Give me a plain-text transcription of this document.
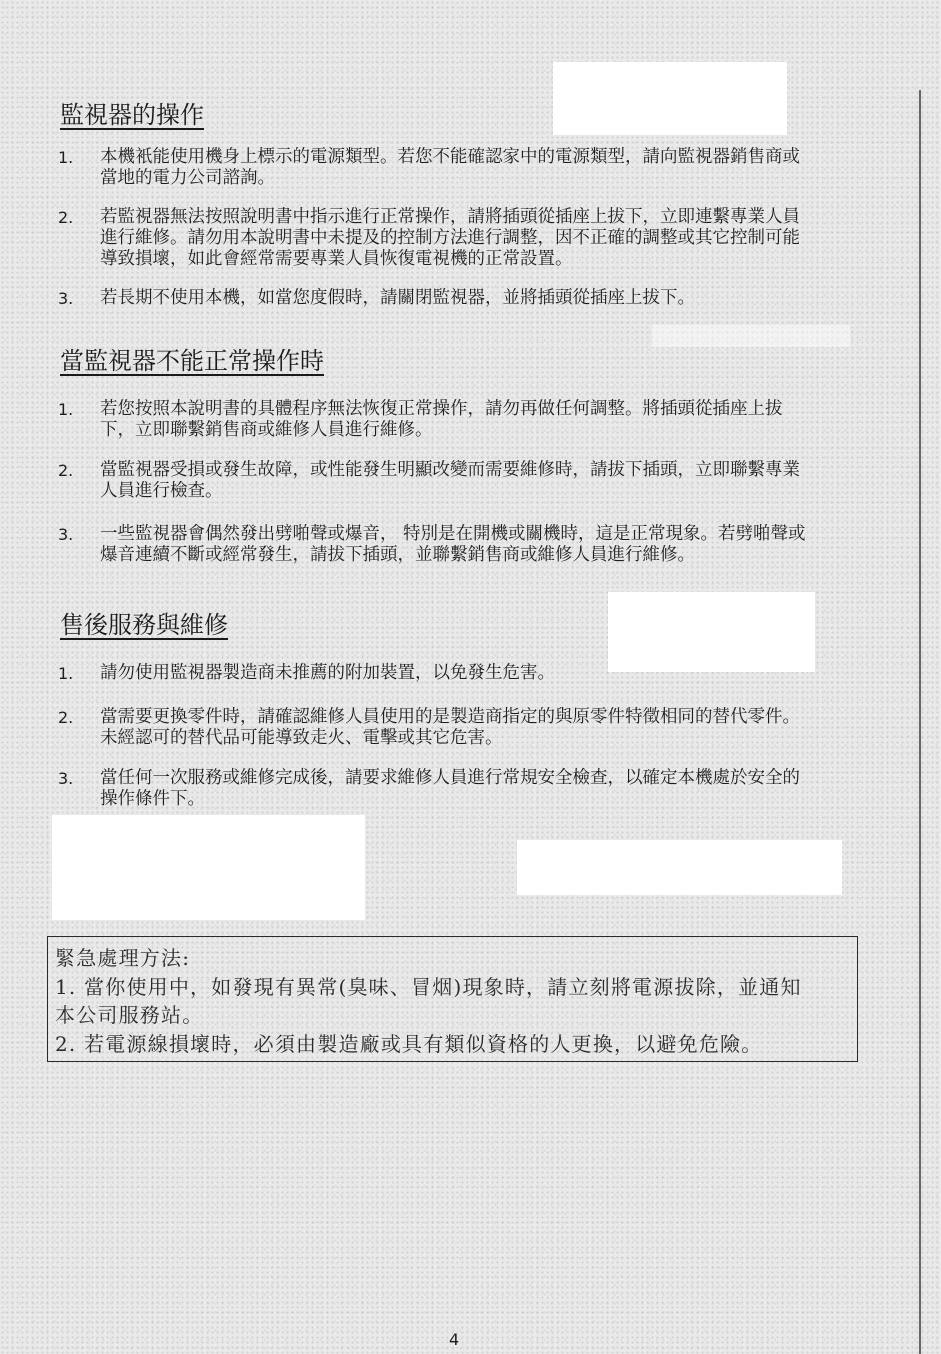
監視器的操作
1. 本機衹能使用機身上標示的電源類型。若您不能確認家中的電源類型，請向監視器銷售商或
當地的電力公司諮詢。
2. 若監視器無法按照說明書中指示進行正常操作，請將插頭從插座上拔下，立即連繫專業人員
進行維修。請勿用本說明書中未提及的控制方法進行調整，因不正確的調整或其它控制可能
導致損壞，如此會經常需要專業人員恢復電視機的正常設置。
3. 若長期不使用本機，如當您度假時，請關閉監視器，並將插頭從插座上拔下。
當監視器不能正常操作時
1. 若您按照本說明書的具體程序無法恢復正常操作，請勿再做任何調整。將插頭從插座上拔
下，立即聯繫銷售商或維修人員進行維修。
2. 當監視器受損或發生故障，或性能發生明顯改變而需要維修時，請拔下插頭，立即聯繫專業
人員進行檢查。
3. 一些監視器會偶然發出劈啪聲或爆音， 特別是在開機或關機時，這是正常現象。若劈啪聲或
爆音連續不斷或經常發生，請拔下插頭，並聯繫銷售商或維修人員進行維修。
售後服務與維修
1. 請勿使用監視器製造商未推薦的附加裝置，以免發生危害。
2. 當需要更換零件時，請確認維修人員使用的是製造商指定的與原零件特徵相同的替代零件。
未經認可的替代品可能導致走火、電擊或其它危害。
3. 當任何一次服務或維修完成後，請要求維修人員進行常規安全檢查，以確定本機處於安全的
操作條件下。
緊急處理方法:
1. 當你使用中，如發現有異常(臭味、冒烟)現象時，請立刻將電源拔除，並通知
本公司服務站。
2. 若電源線損壞時，必須由製造廠或具有類似資格的人更換，以避免危險。
4
